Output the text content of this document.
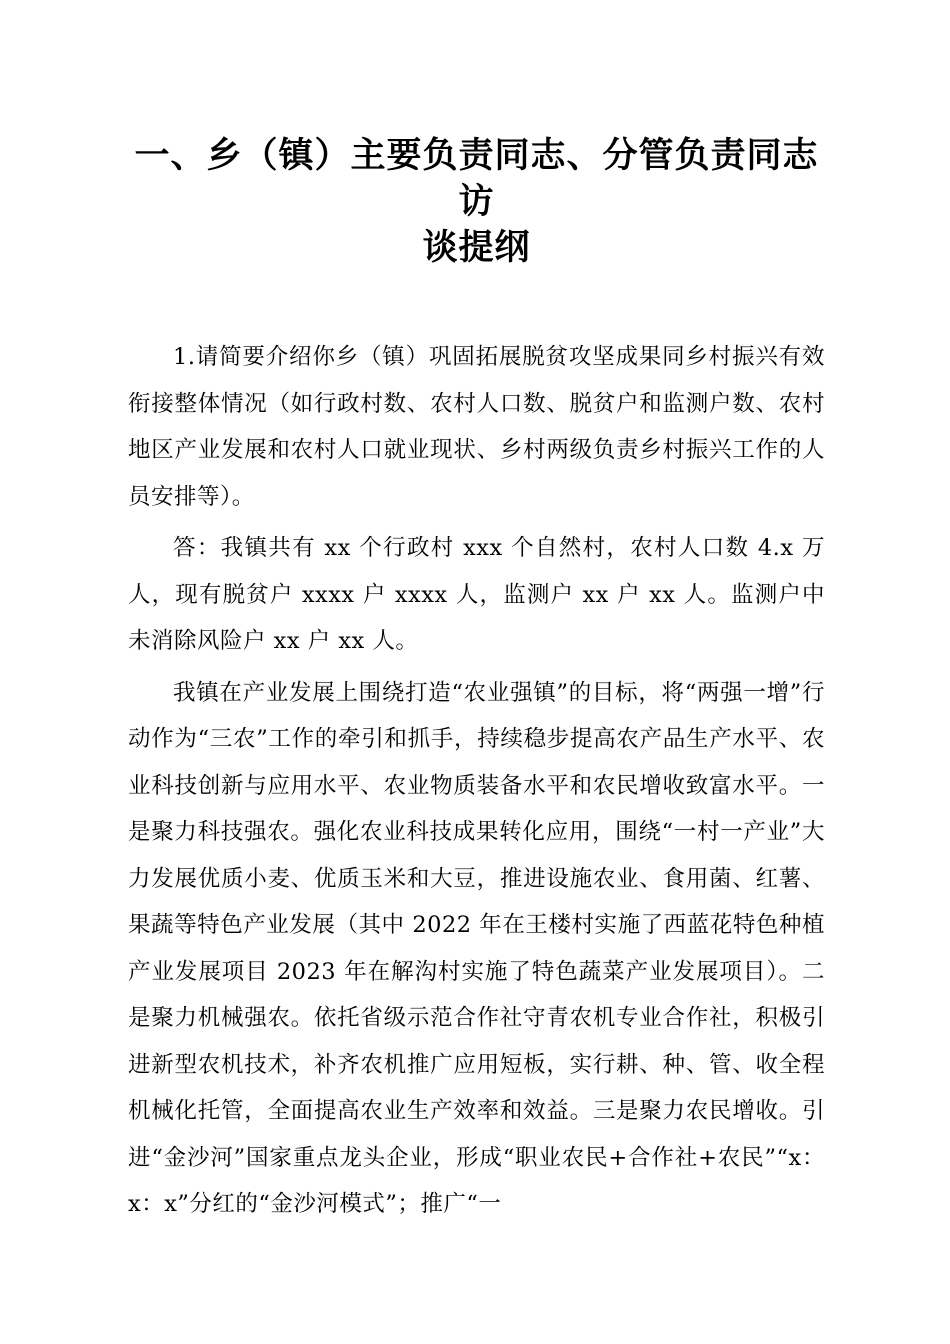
一、乡（镇）主要负责同志、分管负责同志访
谈提纲

1.请简要介绍你乡（镇）巩固拓展脱贫攻坚成果同乡村振兴有效衔接整体情况（如行政村数、农村人口数、脱贫户和监测户数、农村地区产业发展和农村人口就业现状、乡村两级负责乡村振兴工作的人员安排等）。

答：我镇共有 xx 个行政村 xxx 个自然村，农村人口数 4.x 万人，现有脱贫户 xxxx 户 xxxx 人，监测户 xx 户 xx 人。监测户中未消除风险户 xx 户 xx 人。

我镇在产业发展上围绕打造“农业强镇”的目标，将“两强一增”行动作为“三农”工作的牵引和抓手，持续稳步提高农产品生产水平、农业科技创新与应用水平、农业物质装备水平和农民增收致富水平。一是聚力科技强农。强化农业科技成果转化应用，围绕“一村一产业”大力发展优质小麦、优质玉米和大豆，推进设施农业、食用菌、红薯、果蔬等特色产业发展（其中 2022 年在王楼村实施了西蓝花特色种植产业发展项目 2023 年在解沟村实施了特色蔬菜产业发展项目）。二是聚力机械强农。依托省级示范合作社守青农机专业合作社，积极引进新型农机技术，补齐农机推广应用短板，实行耕、种、管、收全程机械化托管，全面提高农业生产效率和效益。三是聚力农民增收。引进“金沙河”国家重点龙头企业，形成“职业农民+合作社+农民”“x：x：x”分红的“金沙河模式”；推广“一
